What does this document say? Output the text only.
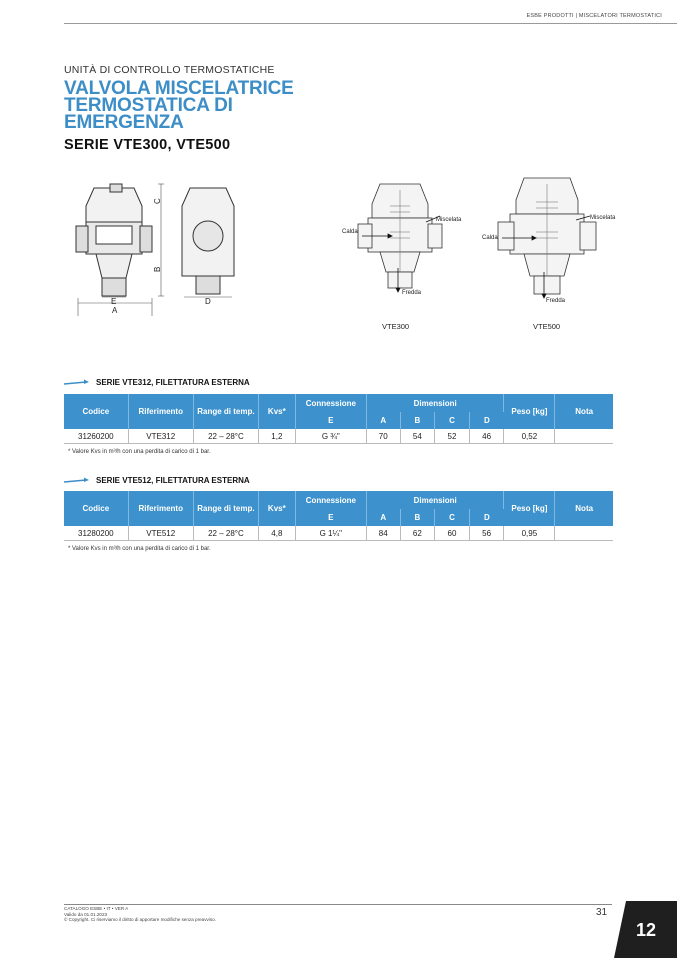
ESBE PRODOTTI | MISCELATORI TERMOSTATICI
UNITÀ DI CONTROLLO TERMOSTATICHE
VALVOLA MISCELATRICE
TERMOSTATICA DI
EMERGENZA
SERIE VTE300, VTE500
A
E	D
C
B
Calda
Miscelata
Fredda
Calda
Miscelata
Fredda
VTE300	VTE500
SERIE VTE312, FILETTATURA ESTERNA
Codice	Riferimento	Range di temp.	Kvs*	Connessione	Dimensioni				Peso [kg]	Nota
				E	A	B	C	D		
31260200	VTE312	22 – 28°C	1,2	G ¾"	70	54	52	46	0,52	
* Valore Kvs in m³/h con una perdita di carico di 1 bar.
SERIE VTE512, FILETTATURA ESTERNA
Codice	Riferimento	Range di temp.	Kvs*	Connessione	Dimensioni				Peso [kg]	Nota
				E	A	B	C	D		
31280200	VTE512	22 – 28°C	4,8	G 1¼"	84	62	60	56	0,95	
* Valore Kvs in m³/h con una perdita di carico di 1 bar.
CATALOGO ESBE • IT • VER A
Valido da 01.01.2023
© Copyright. Ci riserviamo il diritto di apportare modifiche senza preavviso.
31
12
